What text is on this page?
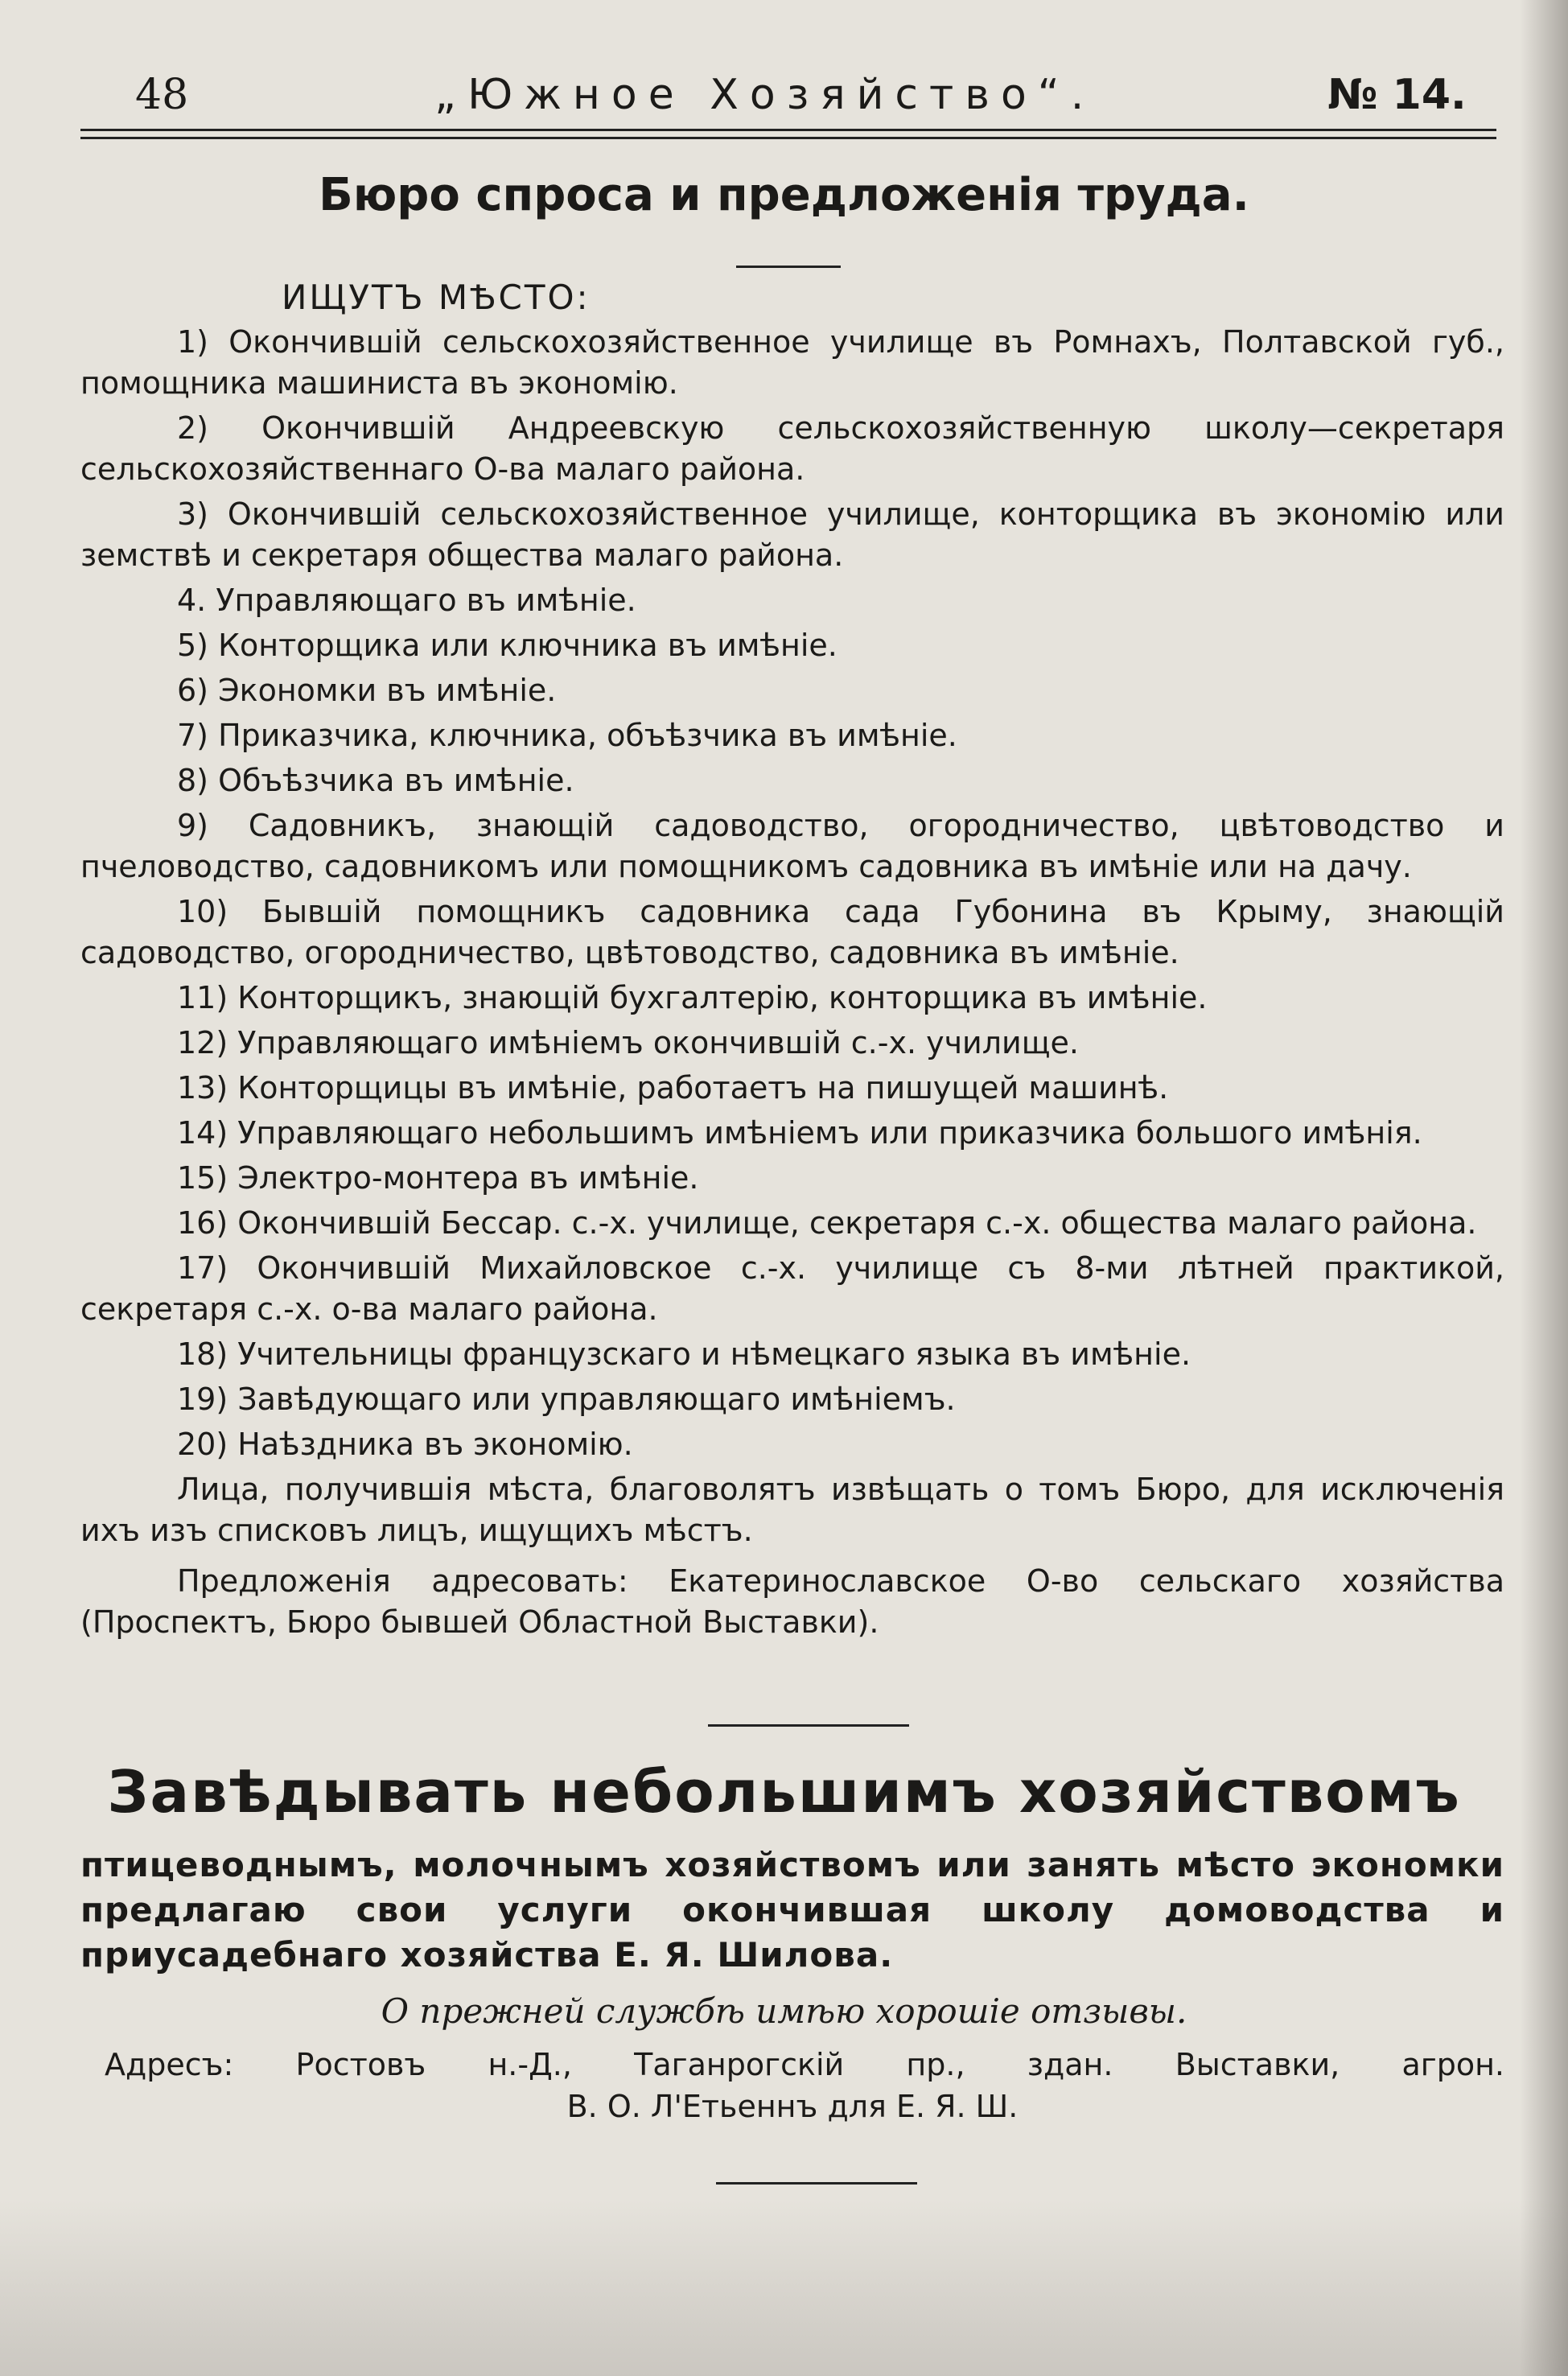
48	„Южное Хозяйство“.	№ 14.
Бюро спроса и предложенія труда.
ИЩУТЪ МѢСТО:

1) Окончившій сельскохозяйственное училище въ Ромнахъ, Полтавской губ., помощника машиниста въ экономію.

2) Окончившій Андреевскую сельскохозяйственную школу—секретаря сельскохозяйственнаго О-ва малаго района.

3) Окончившій сельскохозяйственное училище, конторщика въ экономію или земствѣ и секретаря общества малаго района.

4. Управляющаго въ имѣніе.

5) Конторщика или ключника въ имѣніе.

6) Экономки въ имѣніе.

7) Приказчика, ключника, объѣзчика въ имѣніе.

8) Объѣзчика въ имѣніе.

9) Садовникъ, знающій садоводство, огородничество, цвѣтоводство и пчеловодство, садовникомъ или помощникомъ садовника въ имѣніе или на дачу.

10) Бывшій помощникъ садовника сада Губонина въ Крыму, знающій садоводство, огородничество, цвѣтоводство, садовника въ имѣніе.

11) Конторщикъ, знающій бухгалтерію, конторщика въ имѣніе.

12) Управляющаго имѣніемъ окончившій с.-х. училище.

13) Конторщицы въ имѣніе, работаетъ на пишущей машинѣ.

14) Управляющаго небольшимъ имѣніемъ или приказчика большого имѣнія.

15) Электро-монтера въ имѣніе.

16) Окончившій Бессар. с.-х. училище, секретаря с.-х. общества малаго района.

17) Окончившій Михайловское с.-х. училище съ 8-ми лѣтней практикой, секретаря с.-х. о-ва малаго района.

18) Учительницы французскаго и нѣмецкаго языка въ имѣніе.

19) Завѣдующаго или управляющаго имѣніемъ.

20) Наѣздника въ экономію.

Лица, получившія мѣста, благоволятъ извѣщать о томъ Бюро, для исключенія ихъ изъ списковъ лицъ, ищущихъ мѣстъ.

Предложенія адресовать: Екатеринославское О-во сельскаго хозяйства (Проспектъ, Бюро бывшей Областной Выставки).

Завѣдывать небольшимъ хозяйствомъ

птицеводнымъ, молочнымъ хозяйствомъ или занять мѣсто экономки предлагаю свои услуги окончившая школу домоводства и приусадебнаго хозяйства Е. Я. Шилова.

О прежней службѣ имѣю хорошіе отзывы.
Адресъ: Ростовъ н.-Д., Таганрогскій пр., здан. Выставки, агрон.
В. О. Л'Етьеннъ для Е. Я. Ш.
